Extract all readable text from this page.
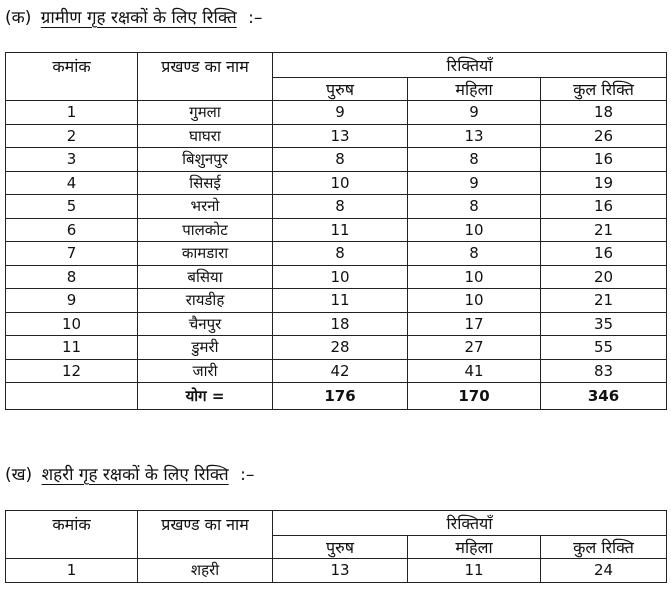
(क) ग्रामीण गृह रक्षकों के लिए रिक्ति :–
कमांक	प्रखण्ड का नाम	रिक्तियाँ		
		पुरुष	महिला	कुल रिक्ति
1	गुमला	9	9	18
2	घाघरा	13	13	26
3	बिशुनपुर	8	8	16
4	सिसई	10	9	19
5	भरनो	8	8	16
6	पालकोट	11	10	21
7	कामडारा	8	8	16
8	बसिया	10	10	20
9	रायडीह	11	10	21
10	चैनपुर	18	17	35
11	डुमरी	28	27	55
12	जारी	42	41	83
	योग =	176	170	346
(ख) शहरी गृह रक्षकों के लिए रिक्ति :–
कमांक	प्रखण्ड का नाम	रिक्तियाँ		
		पुरुष	महिला	कुल रिक्ति
1	शहरी	13	11	24
